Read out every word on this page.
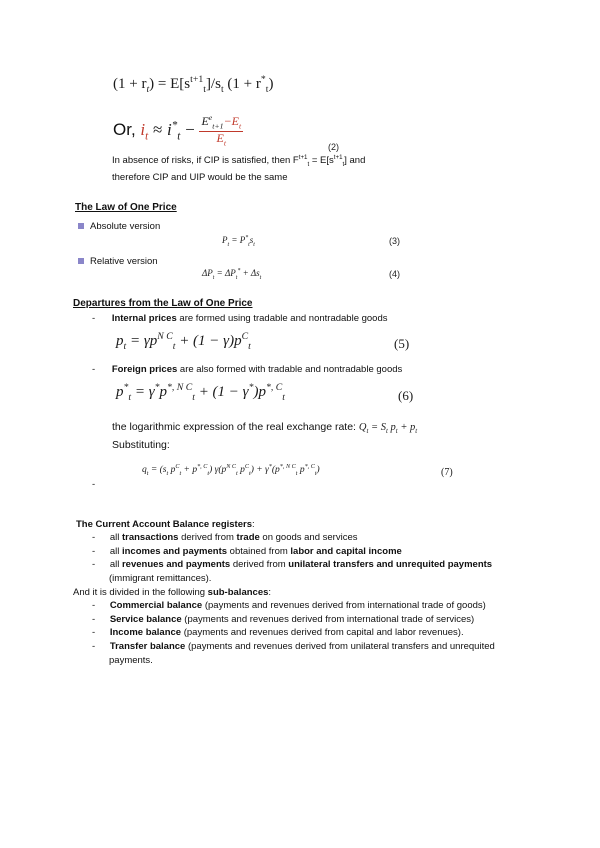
$(1 + r_t) = E[s^{t+1}_t]/s_t$ $(1 + r^*_t)$
Or, $i_t \approx i^*_t - \frac{E^e_{t+1}-E_t}{E_t}$	(2)
In absence of risks, if CIP is satisfied, then $F^{t+1}_t = E[s^{t+1}_t]$ and
therefore CIP and UIP would be the same
The Law of One Price
Absolute version
$P_t = P^*_ts_t$	(3)
Relative version
$\Delta P_t = \Delta P_t^* + \Delta s_t$	(4)
Departures from the Law of One Price
- Internal prices are formed using tradable and nontradable goods
$p_t = \gamma p^{N C}_t + (1 - \gamma)p^C_t$	(5)
- Foreign prices are also formed with tradable and nontradable goods
$p^*_t = \gamma^*p^{*, N C}_t + (1 - \gamma^*)p^{*, C}_t$	(6)
the logarithmic expression of the real exchange rate: $Q_t = S_t$ $p_t + p_t$
Substituting:
$q_t = (s_t$ $p^C_t + p^{*, C}_t$) $\gamma(p^{N C}_t$ $p^C_t) + \gamma^*(p^{*, N C}_t$ $p^{*, C}_t$)	(7)
-
The Current Account Balance registers:
- all transactions derived from trade on goods and services
- all incomes and payments obtained from labor and capital income
- all revenues and payments derived from unilateral transfers and unrequited payments
(immigrant remittances).
And it is divided in the following sub-balances:
- Commercial balance (payments and revenues derived from international trade of goods)
- Service balance (payments and revenues derived from international trade of services)
- Income balance (payments and revenues derived from capital and labor revenues).
- Transfer balance (payments and revenues derived from unilateral transfers and unrequited
payments.
